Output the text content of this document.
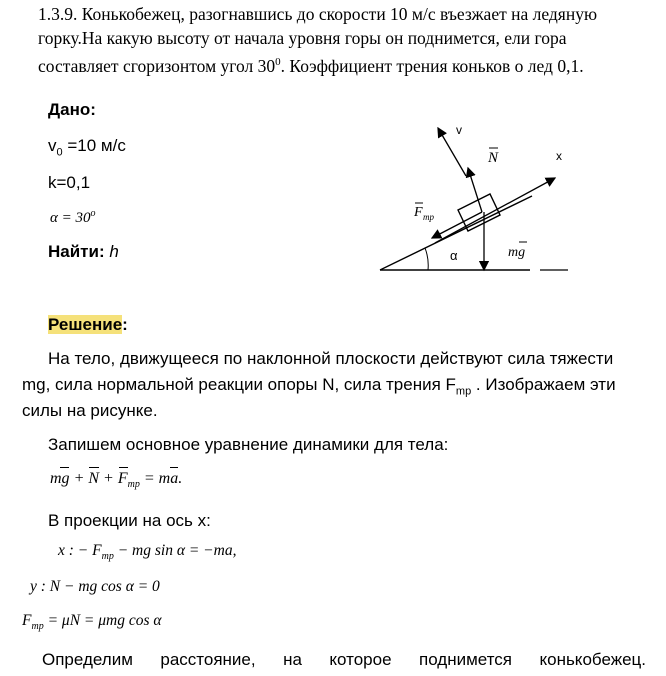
1.3.9. Конькобежец, разогнавшись до скорости 10 м/с въезжает на ледяную горку.На какую высоту от начала уровня горы он поднимется, ели гора составляет сгоризонтом угол $30^0$. Коэффициент трения коньков о лед 0,1.
Дано:
$v_0 =10$ м/с
k=0,1
$\alpha = 30^o$
Найти: h
v
N	x
F тр
α	mg
Решение:
На тело, движущееся по наклонной плоскости действуют сила тяжести
mg, сила нормальной реакции опоры N, сила трения $F_{mp}$ . Изображаем эти
силы на рисунке.
Запишем основное уравнение динамики для тела:
mg
+ N
+ F
$_{mp}$ = ma
.
В проекции на ось х:
x : − $F_{mp}$ − mg sin α = −ma,
y : N − mg cos α = 0
$F_{mp} = \mu N = \mu mg$ cos α
Определим расстояние, на которое поднимется конькобежец.
